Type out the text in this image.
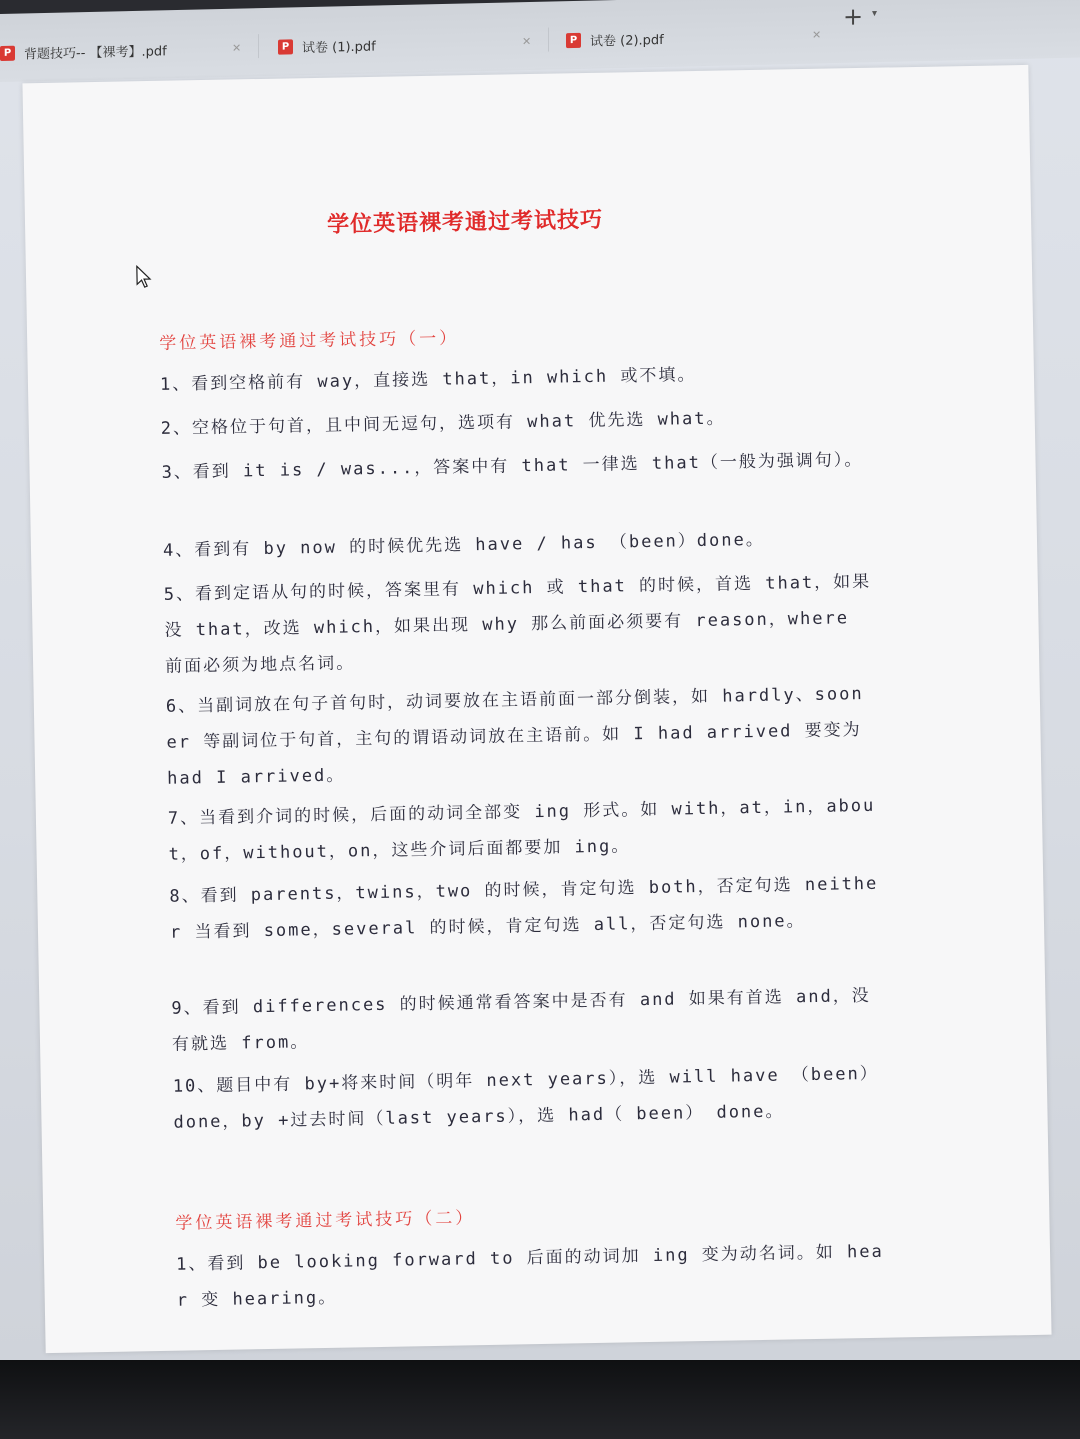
P 背题技巧-- 【裸考】.pdf	✕	P 试卷 (1).pdf	✕	P 试卷 (2).pdf	✕
+ ▾
学位英语裸考通过考试技巧
学位英语裸考通过考试技巧（一）
1、看到空格前有 way，直接选 that，in which 或不填。
2、空格位于句首，且中间无逗句，选项有 what 优先选 what。
3、看到 it is / was...，答案中有 that 一律选 that（一般为强调句）。
4、看到有 by now 的时候优先选 have / has （been）done。
5、看到定语从句的时候，答案里有 which 或 that 的时候，首选 that，如果没 that，改选 which，如果出现 why 那么前面必须要有 reason，where 前面必须为地点名词。
6、当副词放在句子首句时，动词要放在主语前面一部分倒装，如 hardly、sooner 等副词位于句首，主句的谓语动词放在主语前。如 I had arrived 要变为 had I arrived。
7、当看到介词的时候，后面的动词全部变 ing 形式。如 with，at，in，about，of，without，on，这些介词后面都要加 ing。
8、看到 parents，twins，two 的时候，肯定句选 both，否定句选 neither 当看到 some，several 的时候，肯定句选 all，否定句选 none。
9、看到 differences 的时候通常看答案中是否有 and 如果有首选 and，没有就选 from。
10、题目中有 by+将来时间（明年 next years），选 will have （been）done，by +过去时间（last years），选 had（ been） done。
学位英语裸考通过考试技巧（二）
1、看到 be looking forward to 后面的动词加 ing 变为动名词。如 hear 变 hearing。
